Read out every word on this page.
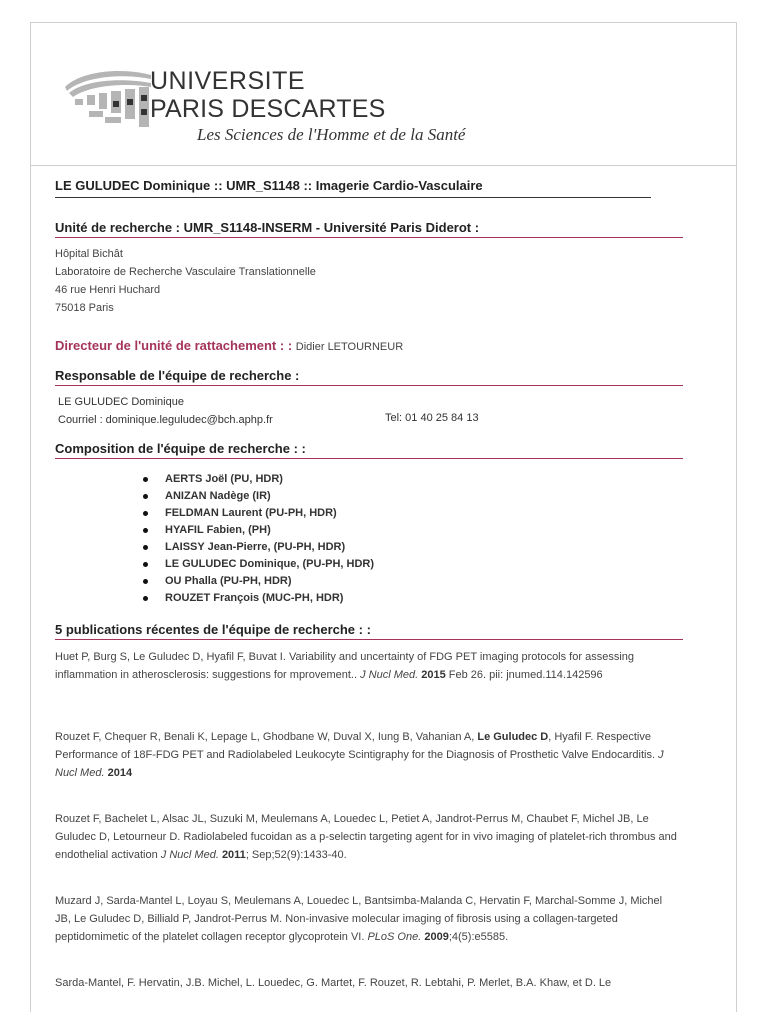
UNIVERSITE
PARIS DESCARTES
Les Sciences de l'Homme et de la Santé
LE GULUDEC Dominique :: UMR_S1148 :: Imagerie Cardio-Vasculaire
Unité de recherche : UMR_S1148-INSERM - Université Paris Diderot :
Hôpital Bichât
Laboratoire de Recherche Vasculaire Translationnelle
46 rue Henri Huchard
75018 Paris
Directeur de l'unité de rattachement : : Didier LETOURNEUR
Responsable de l'équipe de recherche :
LE GULUDEC Dominique
Courriel : dominique.leguludec@bch.aphp.fr	Tel: 01 40 25 84 13
Composition de l'équipe de recherche : :
AERTS Joël (PU, HDR)
ANIZAN Nadège (IR)
FELDMAN Laurent (PU-PH, HDR)
HYAFIL Fabien, (PH)
LAISSY Jean-Pierre, (PU-PH, HDR)
LE GULUDEC Dominique, (PU-PH, HDR)
OU Phalla (PU-PH, HDR)
ROUZET François (MUC-PH, HDR)
5 publications récentes de l'équipe de recherche : :

Huet P, Burg S, Le Guludec D, Hyafil F, Buvat I. Variability and uncertainty of FDG PET imaging protocols for assessing inflammation in atherosclerosis: suggestions for mprovement.. J Nucl Med. 2015 Feb 26. pii: jnumed.114.142596

Rouzet F, Chequer R, Benali K, Lepage L, Ghodbane W, Duval X, Iung B, Vahanian A, Le Guludec D, Hyafil F. Respective Performance of 18F-FDG PET and Radiolabeled Leukocyte Scintigraphy for the Diagnosis of Prosthetic Valve Endocarditis. J Nucl Med. 2014

Rouzet F, Bachelet L, Alsac JL, Suzuki M, Meulemans A, Louedec L, Petiet A, Jandrot-Perrus M, Chaubet F, Michel JB, Le Guludec D, Letourneur D. Radiolabeled fucoidan as a p-selectin targeting agent for in vivo imaging of platelet-rich thrombus and endothelial activation J Nucl Med. 2011; Sep;52(9):1433-40.

Muzard J, Sarda-Mantel L, Loyau S, Meulemans A, Louedec L, Bantsimba-Malanda C, Hervatin F, Marchal-Somme J, Michel JB, Le Guludec D, Billiald P, Jandrot-Perrus M. Non-invasive molecular imaging of fibrosis using a collagen-targeted peptidomimetic of the platelet collagen receptor glycoprotein VI. PLoS One. 2009;4(5):e5585.

Sarda-Mantel, F. Hervatin, J.B. Michel, L. Louedec, G. Martet, F. Rouzet, R. Lebtahi, P. Merlet, B.A. Khaw, et D. Le
